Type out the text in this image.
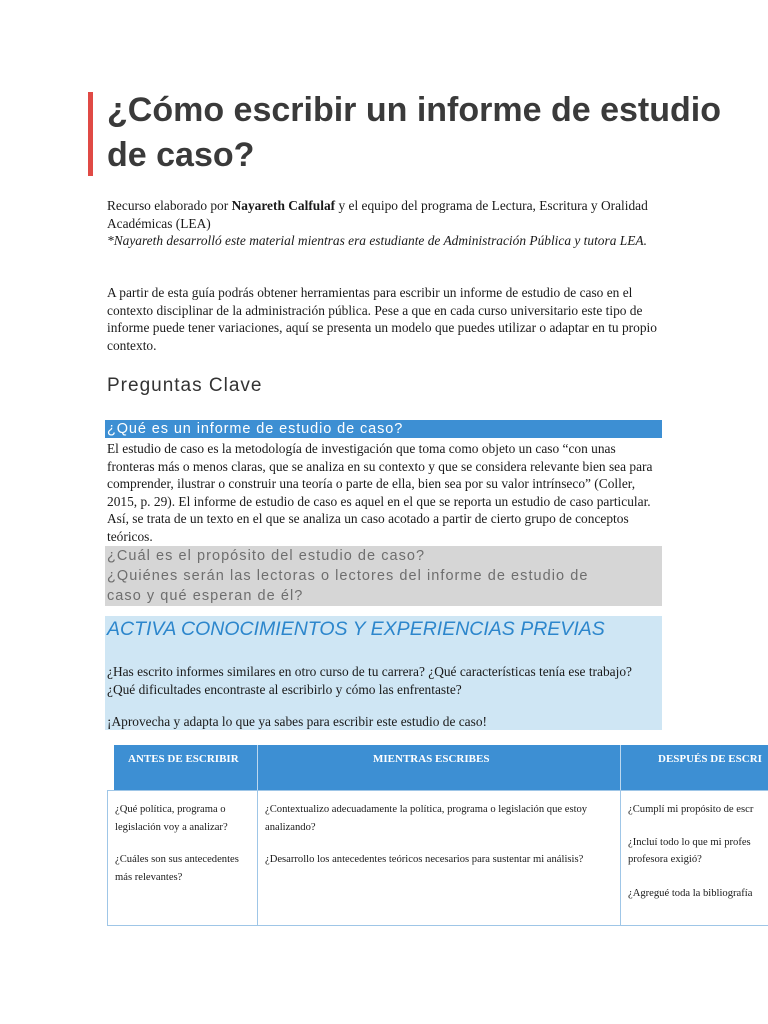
¿Cómo escribir un informe de estudio de caso?

Recurso elaborado por Nayareth Calfulaf y el equipo del programa de Lectura, Escritura y Oralidad Académicas (LEA)

*Nayareth desarrolló este material mientras era estudiante de Administración Pública y tutora LEA.

A partir de esta guía podrás obtener herramientas para escribir un informe de estudio de caso en el contexto disciplinar de la administración pública. Pese a que en cada curso universitario este tipo de informe puede tener variaciones, aquí se presenta un modelo que puedes utilizar o adaptar en tu propio contexto.

Preguntas Clave
¿Qué es un informe de estudio de caso?

El estudio de caso es la metodología de investigación que toma como objeto un caso “con unas fronteras más o menos claras, que se analiza en su contexto y que se considera relevante bien sea para comprender, ilustrar o construir una teoría o parte de ella, bien sea por su valor intrínseco” (Coller, 2015, p. 29). El informe de estudio de caso es aquel en el que se reporta un estudio de caso particular. Así, se trata de un texto en el que se analiza un caso acotado a partir de cierto grupo de conceptos teóricos.

¿Cuál es el propósito del estudio de caso?

¿Quiénes serán las lectoras o lectores del informe de estudio de

caso y qué esperan de él?

ACTIVA CONOCIMIENTOS Y EXPERIENCIAS PREVIAS

¿Has escrito informes similares en otro curso de tu carrera? ¿Qué características tenía ese trabajo? ¿Qué dificultades encontraste al escribirlo y cómo las enfrentaste?

¡Aprovecha y adapta lo que ya sabes para escribir este estudio de caso!

ANTES DE ESCRIBIR	MIENTRAS ESCRIBES	DESPUÉS DE ESCRI

¿Qué política, programa o legislación voy a analizar?

¿Cuáles son sus antecedentes más relevantes?

¿Contextualizo adecuadamente la política, programa o legislación que estoy analizando?

¿Desarrollo los antecedentes teóricos necesarios para sustentar mi análisis?

¿Cumplí mi propósito de escr

¿Incluí todo lo que mi profes

profesora exigió?

¿Agregué toda la bibliografía
